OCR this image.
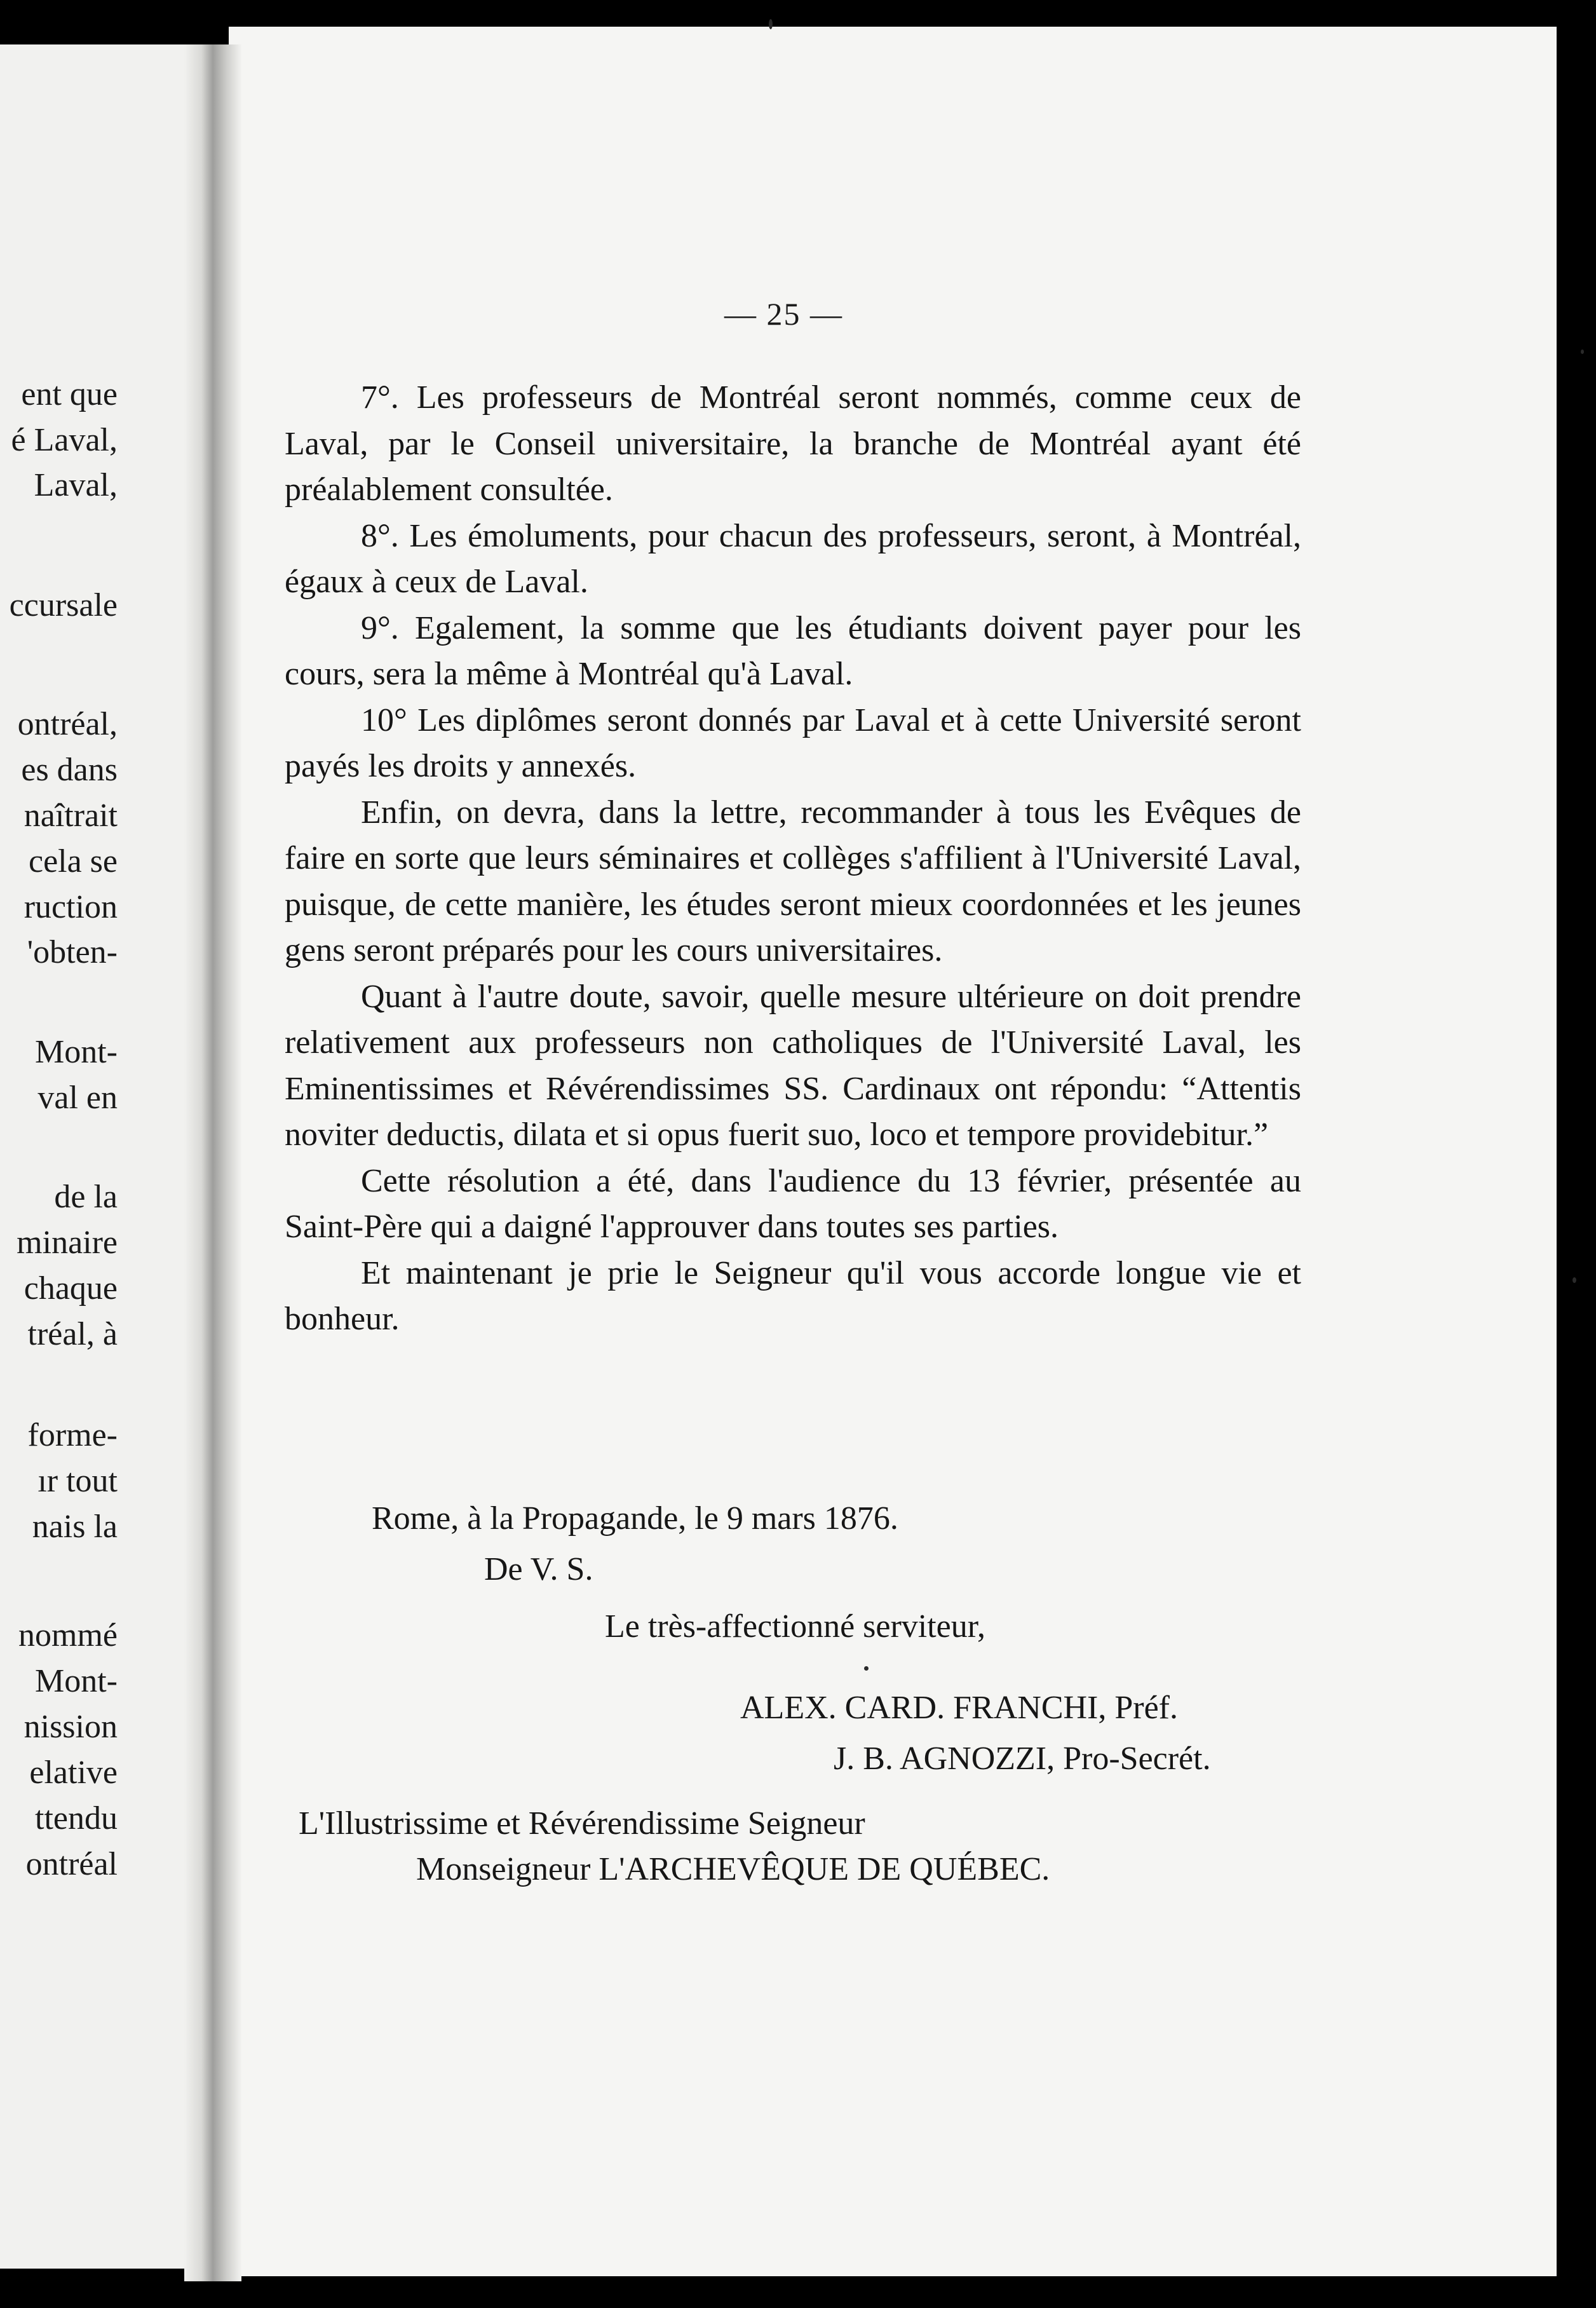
ent que
é Laval,
Laval,
ccursale
ontréal,
es dans
naîtrait
cela se
ruction
'obten-
Mont-
val en
de la
minaire
chaque
tréal, à
forme-
ır tout
nais la
nommé
Mont-
nission
elative
ttendu
ontréal
— 25 —

7°. Les professeurs de Montréal seront nommés, comme ceux de Laval, par le Conseil universitaire, la branche de Montréal ayant été préalablement consultée.

8°. Les émoluments, pour chacun des professeurs, seront, à Montréal, égaux à ceux de Laval.

9°. Egalement, la somme que les étudiants doivent payer pour les cours, sera la même à Montréal qu'à Laval.

10° Les diplômes seront donnés par Laval et à cette Université seront payés les droits y annexés.

Enfin, on devra, dans la lettre, recommander à tous les Evêques de faire en sorte que leurs séminaires et collèges s'affilient à l'Université Laval, puisque, de cette manière, les études seront mieux coordonnées et les jeunes gens seront préparés pour les cours universitaires.

Quant à l'autre doute, savoir, quelle mesure ultérieure on doit prendre relativement aux professeurs non catholiques de l'Université Laval, les Eminentissimes et Révérendissimes SS. Cardinaux ont répondu: “Attentis noviter deductis, dilata et si opus fuerit suo, loco et tempore providebitur.”

Cette résolution a été, dans l'audience du 13 février, présentée au Saint-Père qui a daigné l'approuver dans toutes ses parties.

Et maintenant je prie le Seigneur qu'il vous accorde longue vie et bonheur.

Rome, à la Propagande, le 9 mars 1876.
De V. S.
Le très-affectionné serviteur,
ALEX. CARD. FRANCHI, Préf.
J. B. AGNOZZI, Pro-Secrét.
L'Illustrissime et Révérendissime Seigneur
Monseigneur L'ARCHEVÊQUE DE QUÉBEC.
